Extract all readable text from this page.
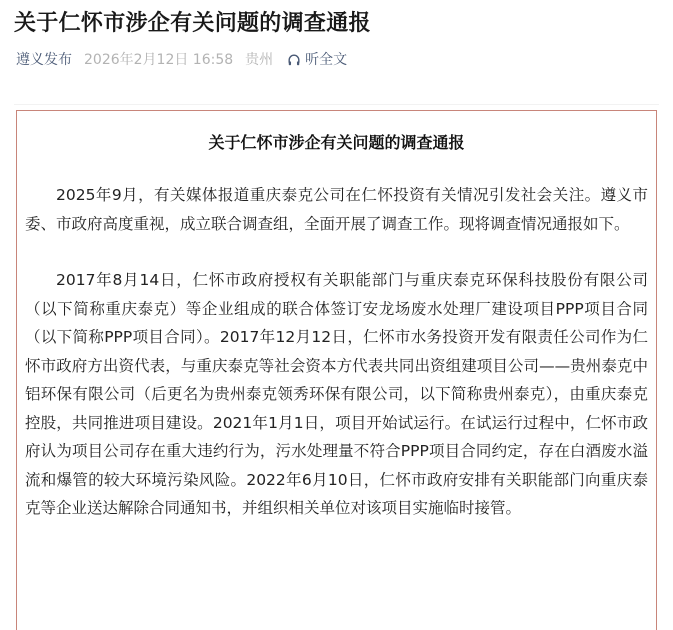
关于仁怀市涉企有关问题的调查通报
遵义发布 2026年2月12日 16:58 贵州 听全文
关于仁怀市涉企有关问题的调查通报

2025年9月，有关媒体报道重庆泰克公司在仁怀投资有关情况引发社会关注。遵义市委、市政府高度重视，成立联合调查组，全面开展了调查工作。现将调查情况通报如下。

2017年8月14日，仁怀市政府授权有关职能部门与重庆泰克环保科技股份有限公司（以下简称重庆泰克）等企业组成的联合体签订安龙场废水处理厂建设项目PPP项目合同（以下简称PPP项目合同）。2017年12月12日，仁怀市水务投资开发有限责任公司作为仁怀市政府方出资代表，与重庆泰克等社会资本方代表共同出资组建项目公司——贵州泰克中铝环保有限公司（后更名为贵州泰克领秀环保有限公司，以下简称贵州泰克），由重庆泰克控股，共同推进项目建设。2021年1月1日，项目开始试运行。在试运行过程中，仁怀市政府认为项目公司存在重大违约行为，污水处理量不符合PPP项目合同约定，存在白酒废水溢流和爆管的较大环境污染风险。2022年6月10日，仁怀市政府安排有关职能部门向重庆泰克等企业送达解除合同通知书，并组织相关单位对该项目实施临时接管。
